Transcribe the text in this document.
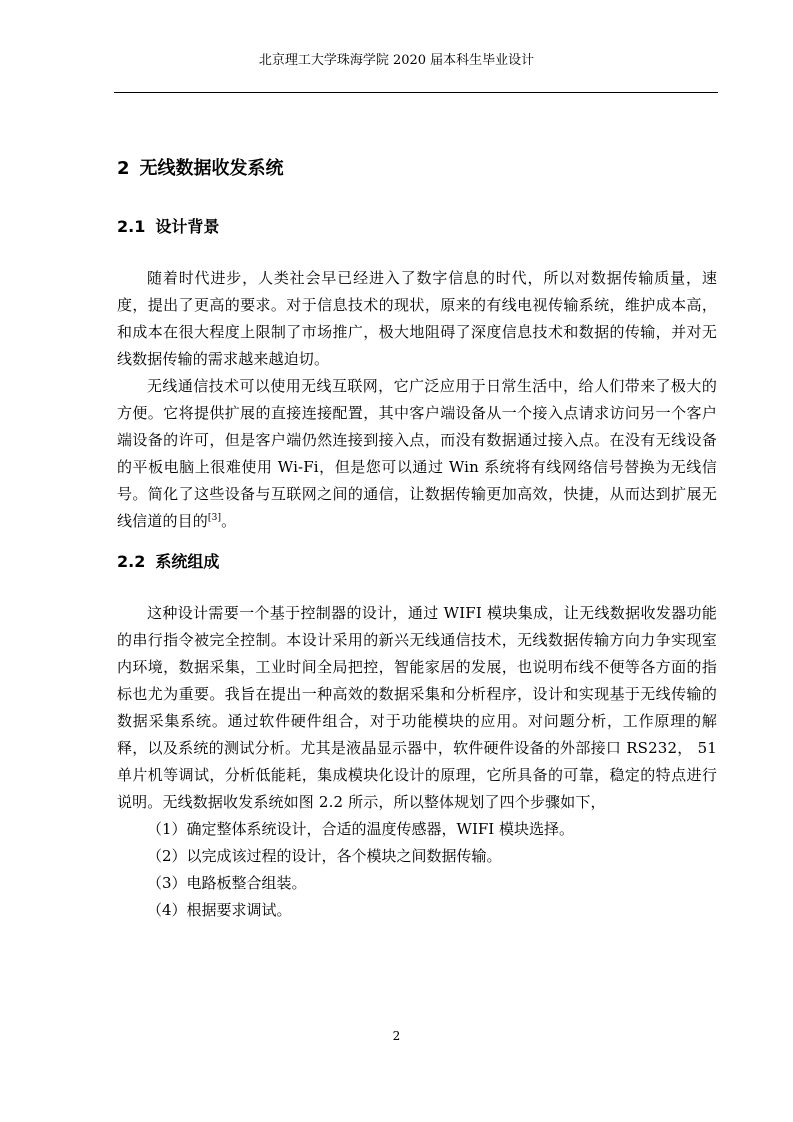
北京理工大学珠海学院 2020 届本科生毕业设计
2 无线数据收发系统
2.1 设计背景

随着时代进步，人类社会早已经进入了数字信息的时代，所以对数据传输质量，速度，提出了更高的要求。对于信息技术的现状，原来的有线电视传输系统，维护成本高，和成本在很大程度上限制了市场推广，极大地阻碍了深度信息技术和数据的传输，并对无线数据传输的需求越来越迫切。

无线通信技术可以使用无线互联网，它广泛应用于日常生活中，给人们带来了极大的方便。它将提供扩展的直接连接配置，其中客户端设备从一个接入点请求访问另一个客户端设备的许可，但是客户端仍然连接到接入点，而没有数据通过接入点。在没有无线设备的平板电脑上很难使用 Wi-Fi，但是您可以通过 Win 系统将有线网络信号替换为无线信号。简化了这些设备与互联网之间的通信，让数据传输更加高效，快捷，从而达到扩展无线信道的目的[3]。

2.2 系统组成

这种设计需要一个基于控制器的设计，通过 WIFI 模块集成，让无线数据收发器功能的串行指令被完全控制。本设计采用的新兴无线通信技术，无线数据传输方向力争实现室内环境，数据采集，工业时间全局把控，智能家居的发展，也说明布线不便等各方面的指标也尤为重要。我旨在提出一种高效的数据采集和分析程序，设计和实现基于无线传输的数据采集系统。通过软件硬件组合，对于功能模块的应用。对问题分析，工作原理的解释，以及系统的测试分析。尤其是液晶显示器中，软件硬件设备的外部接口 RS232， 51 单片机等调试，分析低能耗，集成模块化设计的原理，它所具备的可靠，稳定的特点进行说明。无线数据收发系统如图 2.2 所示，所以整体规划了四个步骤如下，

（1）确定整体系统设计，合适的温度传感器，WIFI 模块选择。
（2）以完成该过程的设计，各个模块之间数据传输。
（3）电路板整合组装。
（4）根据要求调试。
2
